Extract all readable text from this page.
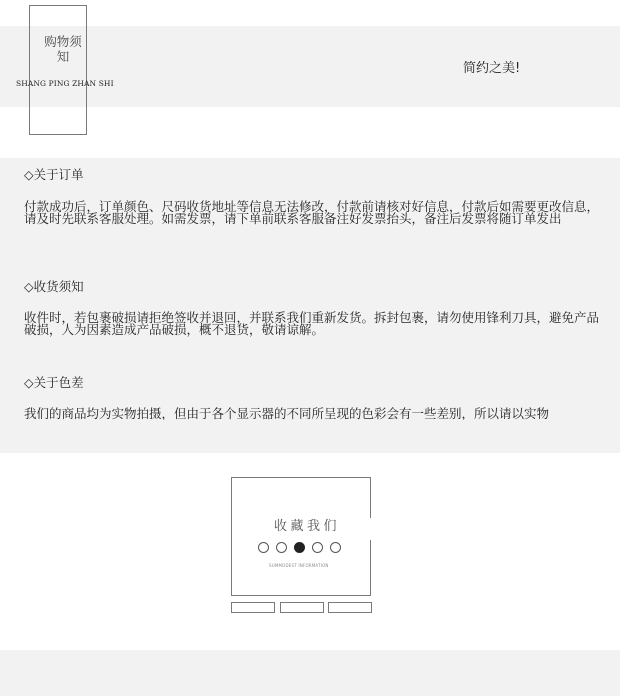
购物须知
SHANG PING ZHAN SHI
简约之美!
◇关于订单
付款成功后，订单颜色、尺码收货地址等信息无法修改，付款前请核对好信息，付款后如需要更改信息，
请及时先联系客服处理。如需发票，请下单前联系客服备注好发票抬头，备注后发票将随订单发出
◇收货须知
收件时，若包裹破损请拒绝签收并退回，并联系我们重新发货。拆封包裹，请勿使用锋利刀具，避免产品
破损，人为因素造成产品破损，概不退货，敬请谅解。
◇关于色差
我们的商品均为实物拍摄，但由于各个显示器的不同所呈现的色彩会有一些差别，所以请以实物
收藏我们
SUMMODEST INFORMATION
